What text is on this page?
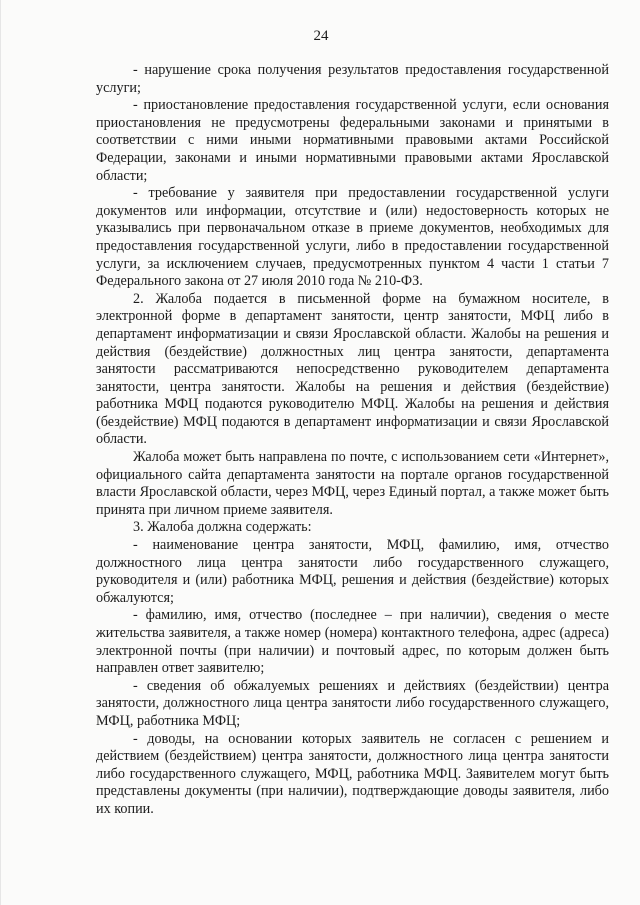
24

- нарушение срока получения результатов предоставления государственной услуги;

- приостановление предоставления государственной услуги, если основания приостановления не предусмотрены федеральными законами и принятыми в соответствии с ними иными нормативными правовыми актами Российской Федерации, законами и иными нормативными правовыми актами Ярославской области;

- требование у заявителя при предоставлении государственной услуги документов или информации, отсутствие и (или) недостоверность которых не указывались при первоначальном отказе в приеме документов, необходимых для предоставления государственной услуги, либо в предоставлении государственной услуги, за исключением случаев, предусмотренных пунктом 4 части 1 статьи 7 Федерального закона от 27 июля 2010 года № 210-ФЗ.

2. Жалоба подается в письменной форме на бумажном носителе, в электронной форме в департамент занятости, центр занятости, МФЦ либо в департамент информатизации и связи Ярославской области. Жалобы на решения и действия (бездействие) должностных лиц центра занятости, департамента занятости рассматриваются непосредственно руководителем департамента занятости, центра занятости. Жалобы на решения и действия (бездействие) работника МФЦ подаются руководителю МФЦ. Жалобы на решения и действия (бездействие) МФЦ подаются в департамент информатизации и связи Ярославской области.

Жалоба может быть направлена по почте, с использованием сети «Интернет», официального сайта департамента занятости на портале органов государственной власти Ярославской области, через МФЦ, через Единый портал, а также может быть принята при личном приеме заявителя.

3. Жалоба должна содержать:

- наименование центра занятости, МФЦ, фамилию, имя, отчество должностного лица центра занятости либо государственного служащего, руководителя и (или) работника МФЦ, решения и действия (бездействие) которых обжалуются;

- фамилию, имя, отчество (последнее – при наличии), сведения о месте жительства заявителя, а также номер (номера) контактного телефона, адрес (адреса) электронной почты (при наличии) и почтовый адрес, по которым должен быть направлен ответ заявителю;

- сведения об обжалуемых решениях и действиях (бездействии) центра занятости, должностного лица центра занятости либо государственного служащего, МФЦ, работника МФЦ;

- доводы, на основании которых заявитель не согласен с решением и действием (бездействием) центра занятости, должностного лица центра занятости либо государственного служащего, МФЦ, работника МФЦ. Заявителем могут быть представлены документы (при наличии), подтверждающие доводы заявителя, либо их копии.
